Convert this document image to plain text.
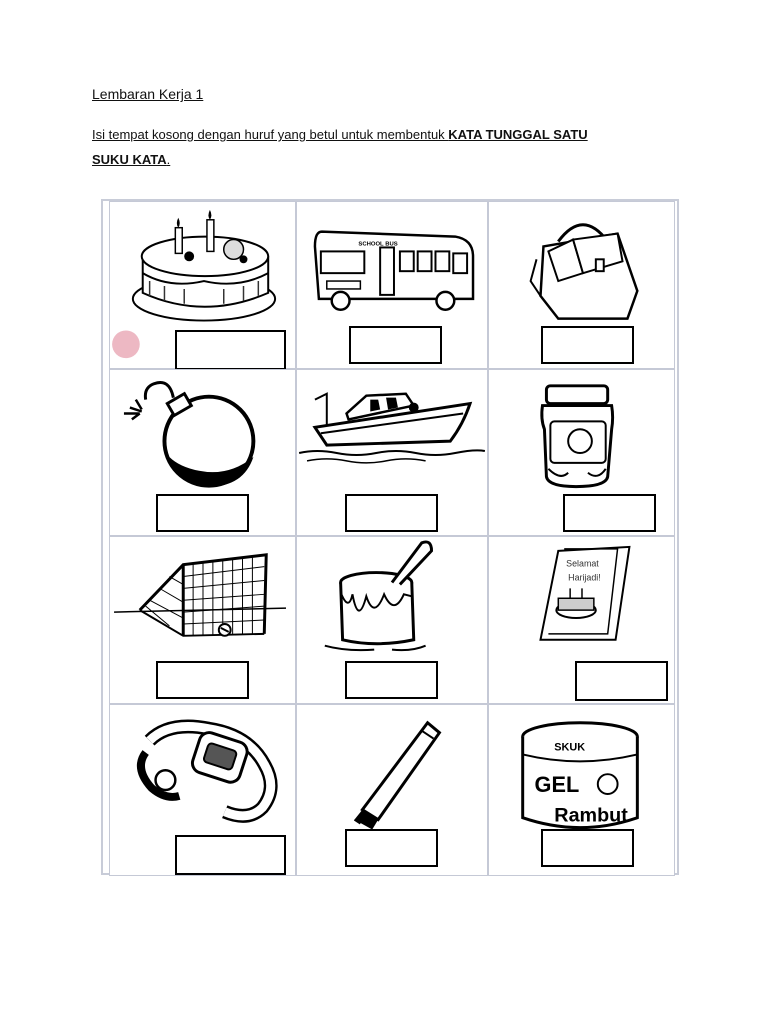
Lembaran Kerja 1
Isi tempat kosong dengan huruf yang betul untuk membentuk KATA TUNGGAL SATU
SUKU KATA.
SCHOOL BUS
Selamat
Harijadi!
SKUK
GEL
Rambut
